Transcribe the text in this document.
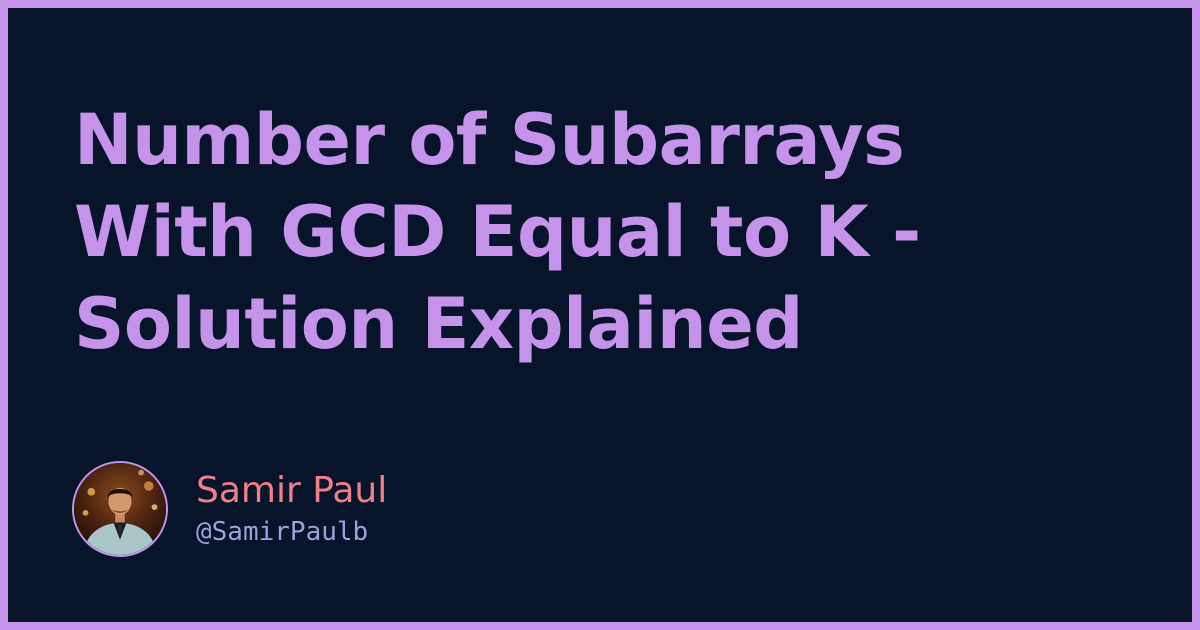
Number of Subarrays
With GCD Equal to K -
Solution Explained
Samir Paul
@SamirPaulb
